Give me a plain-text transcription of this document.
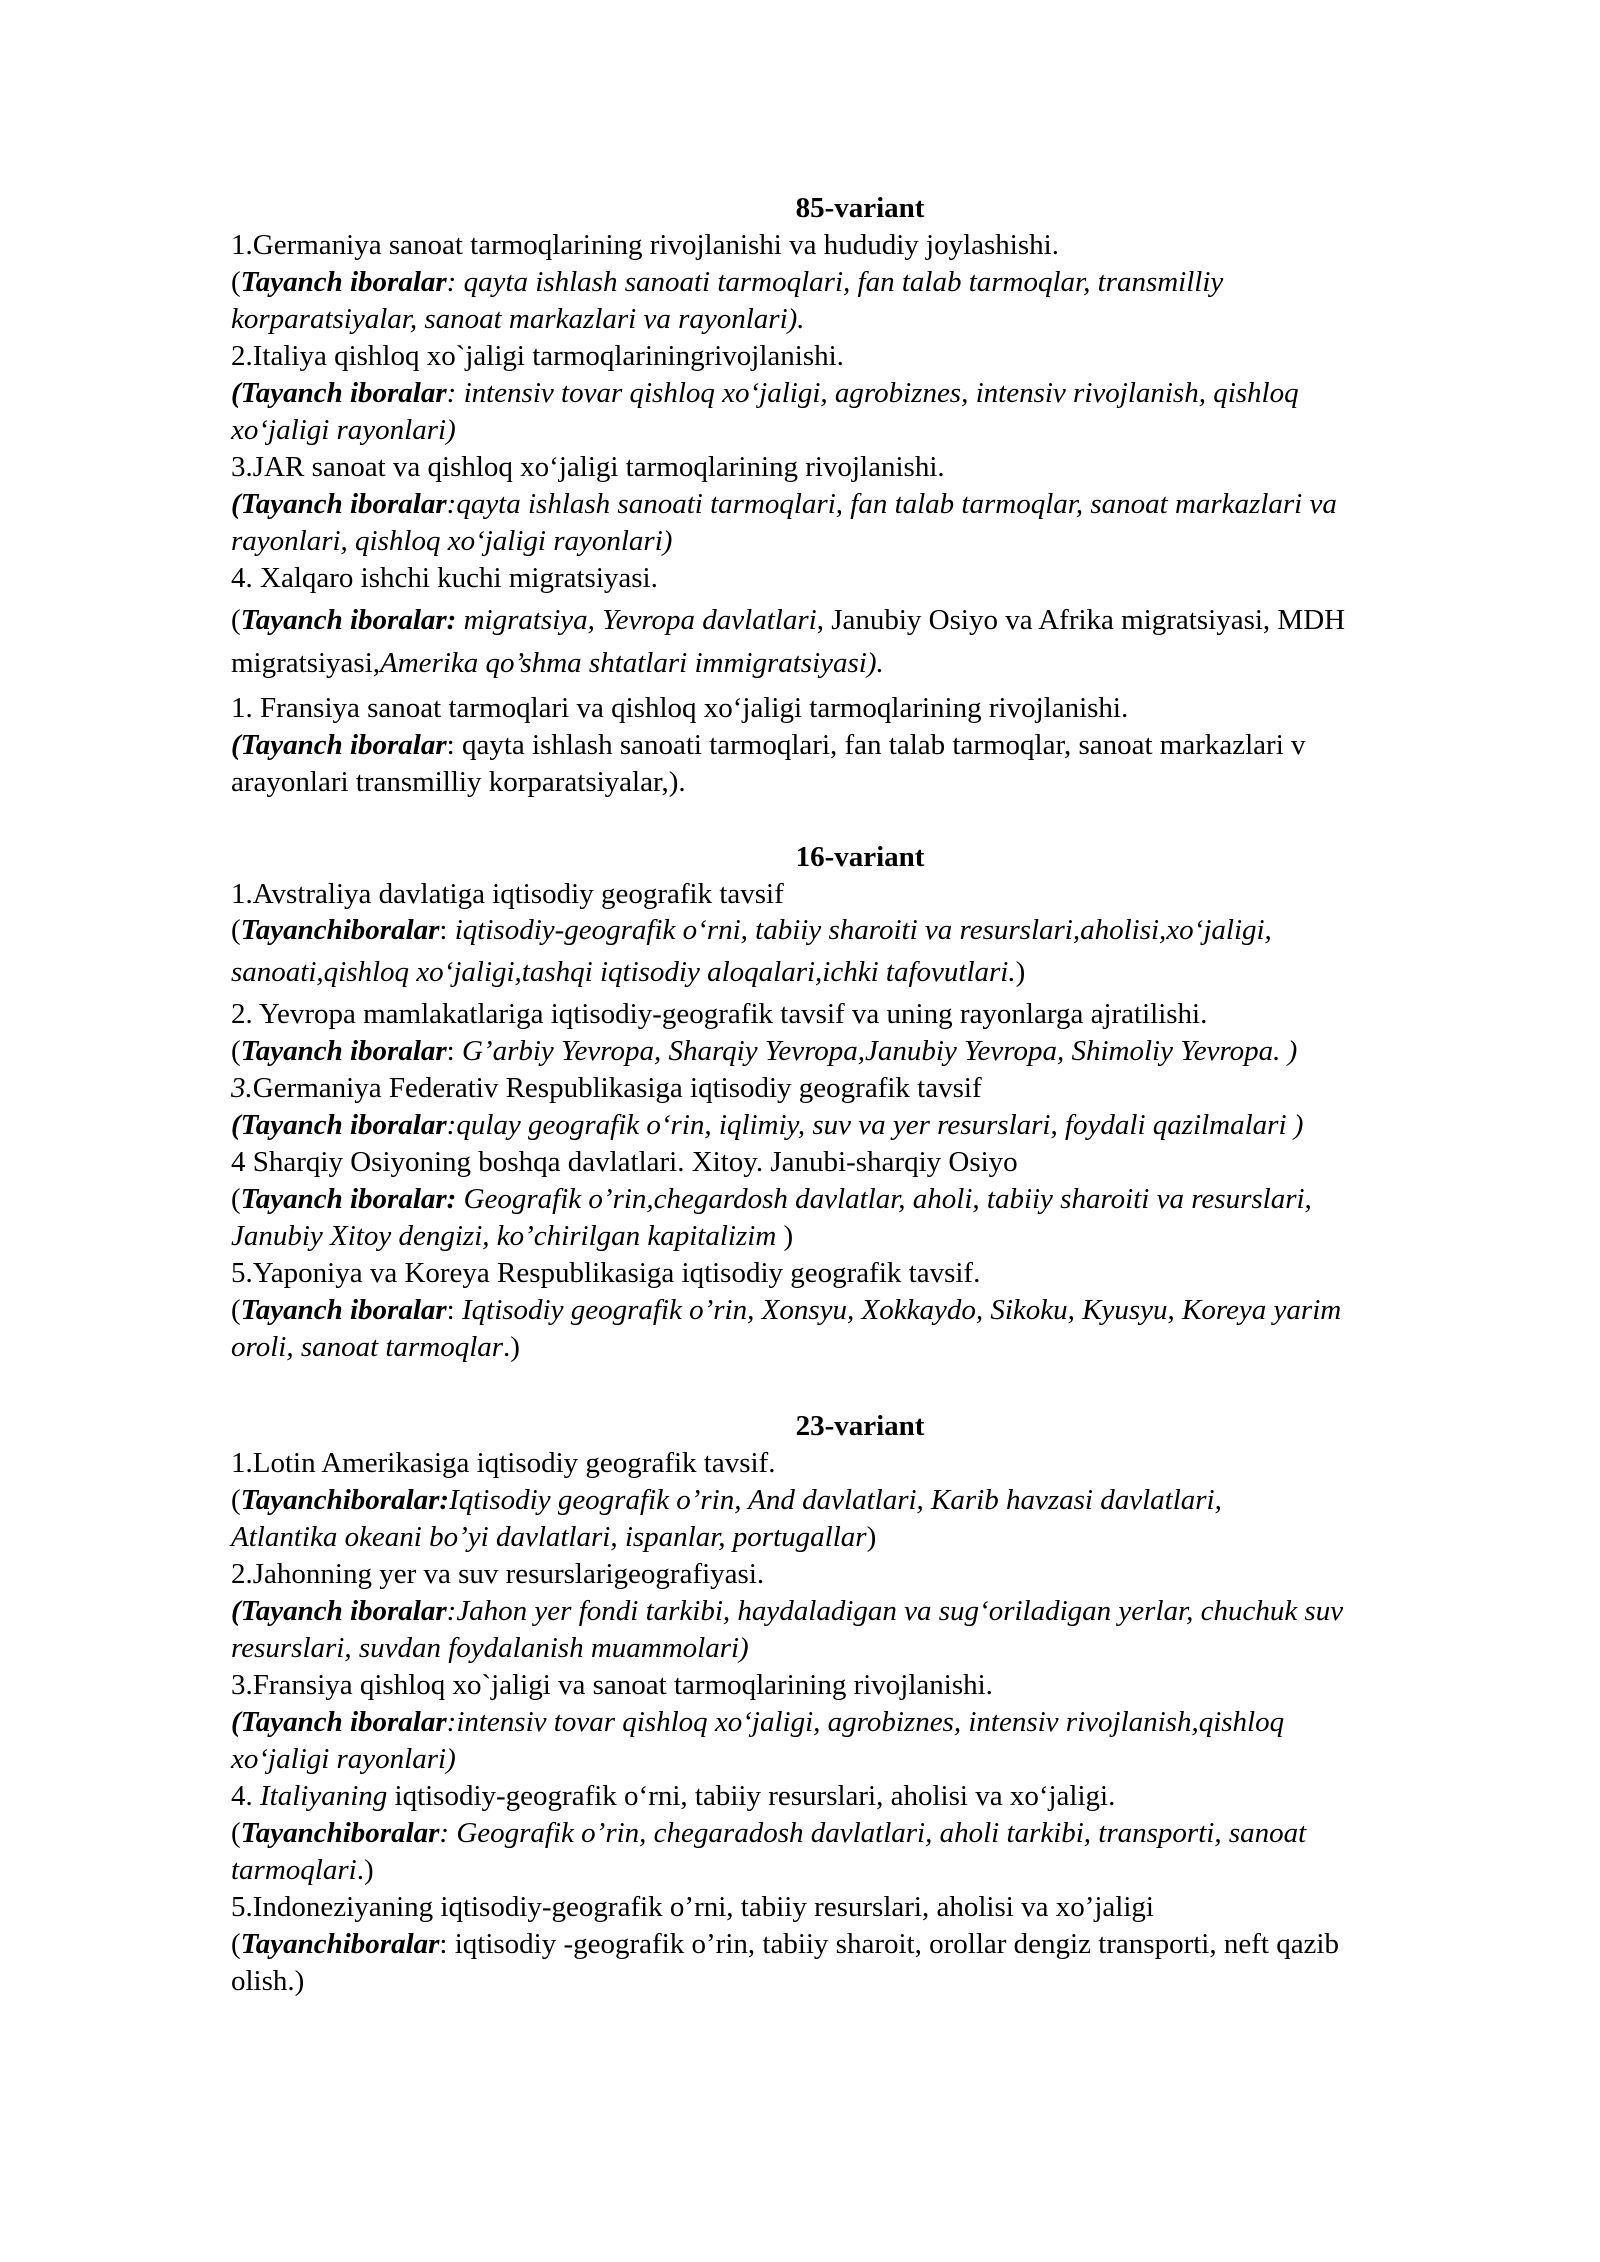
85-variant
16-variant
23-variant
1.Germaniya sanoat tarmoqlarining rivojlanishi va hududiy joylashishi.
(Tayanch iboralar: qayta ishlash sanoati tarmoqlari, fan talab tarmoqlar, transmilliy
korparatsiyalar, sanoat markazlari va rayonlari).
2.Italiya qishloq xo`jaligi tarmoqlariningrivojlanishi.
(Tayanch iboralar: intensiv tovar qishloq xo‘jaligi, agrobiznes, intensiv rivojlanish, qishloq
xo‘jaligi rayonlari)
3.JAR sanoat va qishloq xo‘jaligi tarmoqlarining rivojlanishi.
(Tayanch iboralar:qayta ishlash sanoati tarmoqlari, fan talab tarmoqlar, sanoat markazlari va
rayonlari, qishloq xo‘jaligi rayonlari)
4. Xalqaro ishchi kuchi migratsiyasi.
(Tayanch iboralar: migratsiya, Yevropa davlatlari, Janubiy Osiyo va Afrika migratsiyasi, MDH
migratsiyasi,Amerika qo’shma shtatlari immigratsiyasi).
1. Fransiya sanoat tarmoqlari va qishloq xo‘jaligi tarmoqlarining rivojlanishi.
(Tayanch iboralar: qayta ishlash sanoati tarmoqlari, fan talab tarmoqlar, sanoat markazlari v
arayonlari transmilliy korparatsiyalar,).
1.Avstraliya davlatiga iqtisodiy geografik tavsif
(Tayanchiboralar: iqtisodiy-geografik o‘rni, tabiiy sharoiti va resurslari,aholisi,xo‘jaligi,
sanoati,qishloq xo‘jaligi,tashqi iqtisodiy aloqalari,ichki tafovutlari.)
2. Yevropa mamlakatlariga iqtisodiy-geografik tavsif va uning rayonlarga ajratilishi.
(Tayanch iboralar: G’arbiy Yevropa, Sharqiy Yevropa,Janubiy Yevropa, Shimoliy Yevropa. )
3.Germaniya Federativ Respublikasiga iqtisodiy geografik tavsif
(Tayanch iboralar:qulay geografik o‘rin, iqlimiy, suv va yer resurslari, foydali qazilmalari )
4 Sharqiy Osiyoning boshqa davlatlari. Xitoy. Janubi-sharqiy Osiyo
(Tayanch iboralar: Geografik o’rin,chegardosh davlatlar, aholi, tabiiy sharoiti va resurslari,
Janubiy Xitoy dengizi, ko’chirilgan kapitalizim )
5.Yaponiya va Koreya Respublikasiga iqtisodiy geografik tavsif.
(Tayanch iboralar: Iqtisodiy geografik o’rin, Xonsyu, Xokkaydo, Sikoku, Kyusyu, Koreya yarim
oroli, sanoat tarmoqlar.)
1.Lotin Amerikasiga iqtisodiy geografik tavsif.
(Tayanchiboralar:Iqtisodiy geografik o’rin, And davlatlari, Karib havzasi davlatlari,
Atlantika okeani bo’yi davlatlari, ispanlar, portugallar)
2.Jahonning yer va suv resurslarigeografiyasi.
(Tayanch iboralar:Jahon yer fondi tarkibi, haydaladigan va sug‘oriladigan yerlar, chuchuk suv
resurslari, suvdan foydalanish muammolari)
3.Fransiya qishloq xo`jaligi va sanoat tarmoqlarining rivojlanishi.
(Tayanch iboralar:intensiv tovar qishloq xo‘jaligi, agrobiznes, intensiv rivojlanish,qishloq
xo‘jaligi rayonlari)
4. Italiyaning iqtisodiy-geografik o‘rni, tabiiy resurslari, aholisi va xo‘jaligi.
(Tayanchiboralar: Geografik o’rin, chegaradosh davlatlari, aholi tarkibi, transporti, sanoat
tarmoqlari.)
5.Indoneziyaning iqtisodiy-geografik o’rni, tabiiy resurslari, aholisi va xo’jaligi
(Tayanchiboralar: iqtisodiy -geografik o’rin, tabiiy sharoit, orollar dengiz transporti, neft qazib
olish.)
